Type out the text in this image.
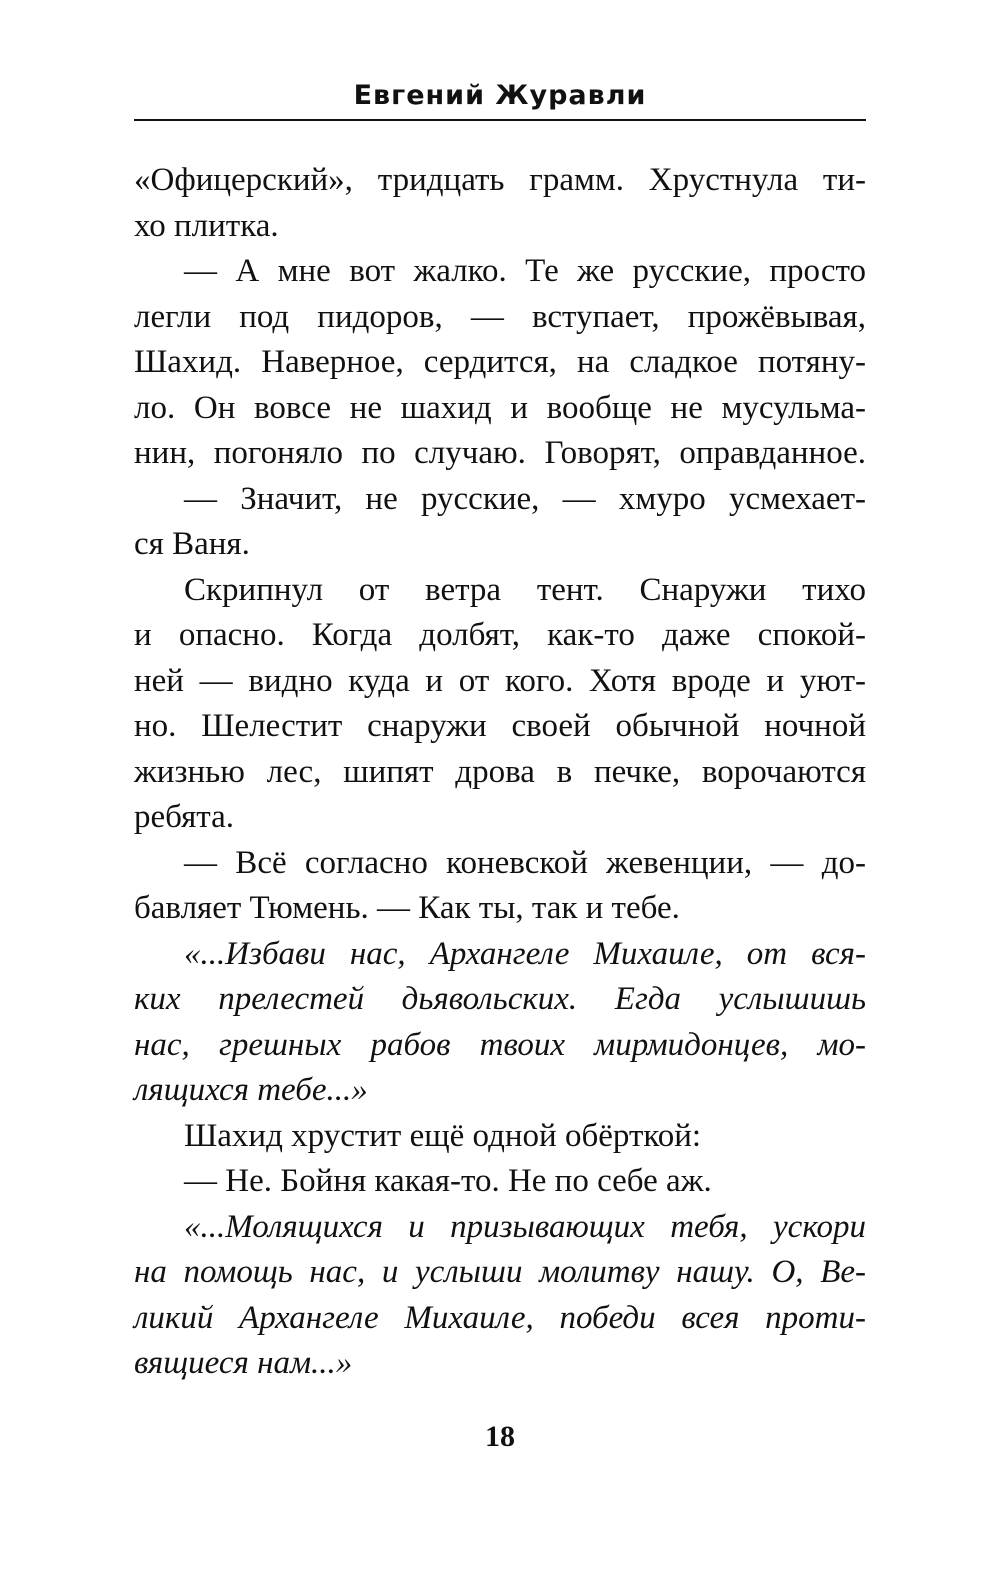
Евгений Журавли
«Офицерский», тридцать грамм. Хрустнула ти-
хо плитка.
— А мне вот жалко. Те же русские, просто
легли под пидоров, — вступает, прожёвывая,
Шахид. Наверное, сердится, на сладкое потяну-
ло. Он вовсе не шахид и вообще не мусульма-
нин, погоняло по случаю. Говорят, оправданное.
— Значит, не русские, — хмуро усмехает-
ся Ваня.
Скрипнул от ветра тент. Снаружи тихо
и опасно. Когда долбят, как-то даже спокой-
ней — видно куда и от кого. Хотя вроде и уют-
но. Шелестит снаружи своей обычной ночной
жизнью лес, шипят дрова в печке, ворочаются
ребята.
— Всё согласно коневской жевенции, — до-
бавляет Тюмень. — Как ты, так и тебе.
«...Избави нас, Архангеле Михаиле, от вся-
ких прелестей дьявольских. Егда услышишь
нас, грешных рабов твоих мирмидонцев, мо-
лящихся тебе...»
Шахид хрустит ещё одной обёрткой:
— Не. Бойня какая-то. Не по себе аж.
«...Молящихся и призывающих тебя, ускори
на помощь нас, и услыши молитву нашу. О, Ве-
ликий Архангеле Михаиле, победи всея проти-
вящиеся нам...»
18
